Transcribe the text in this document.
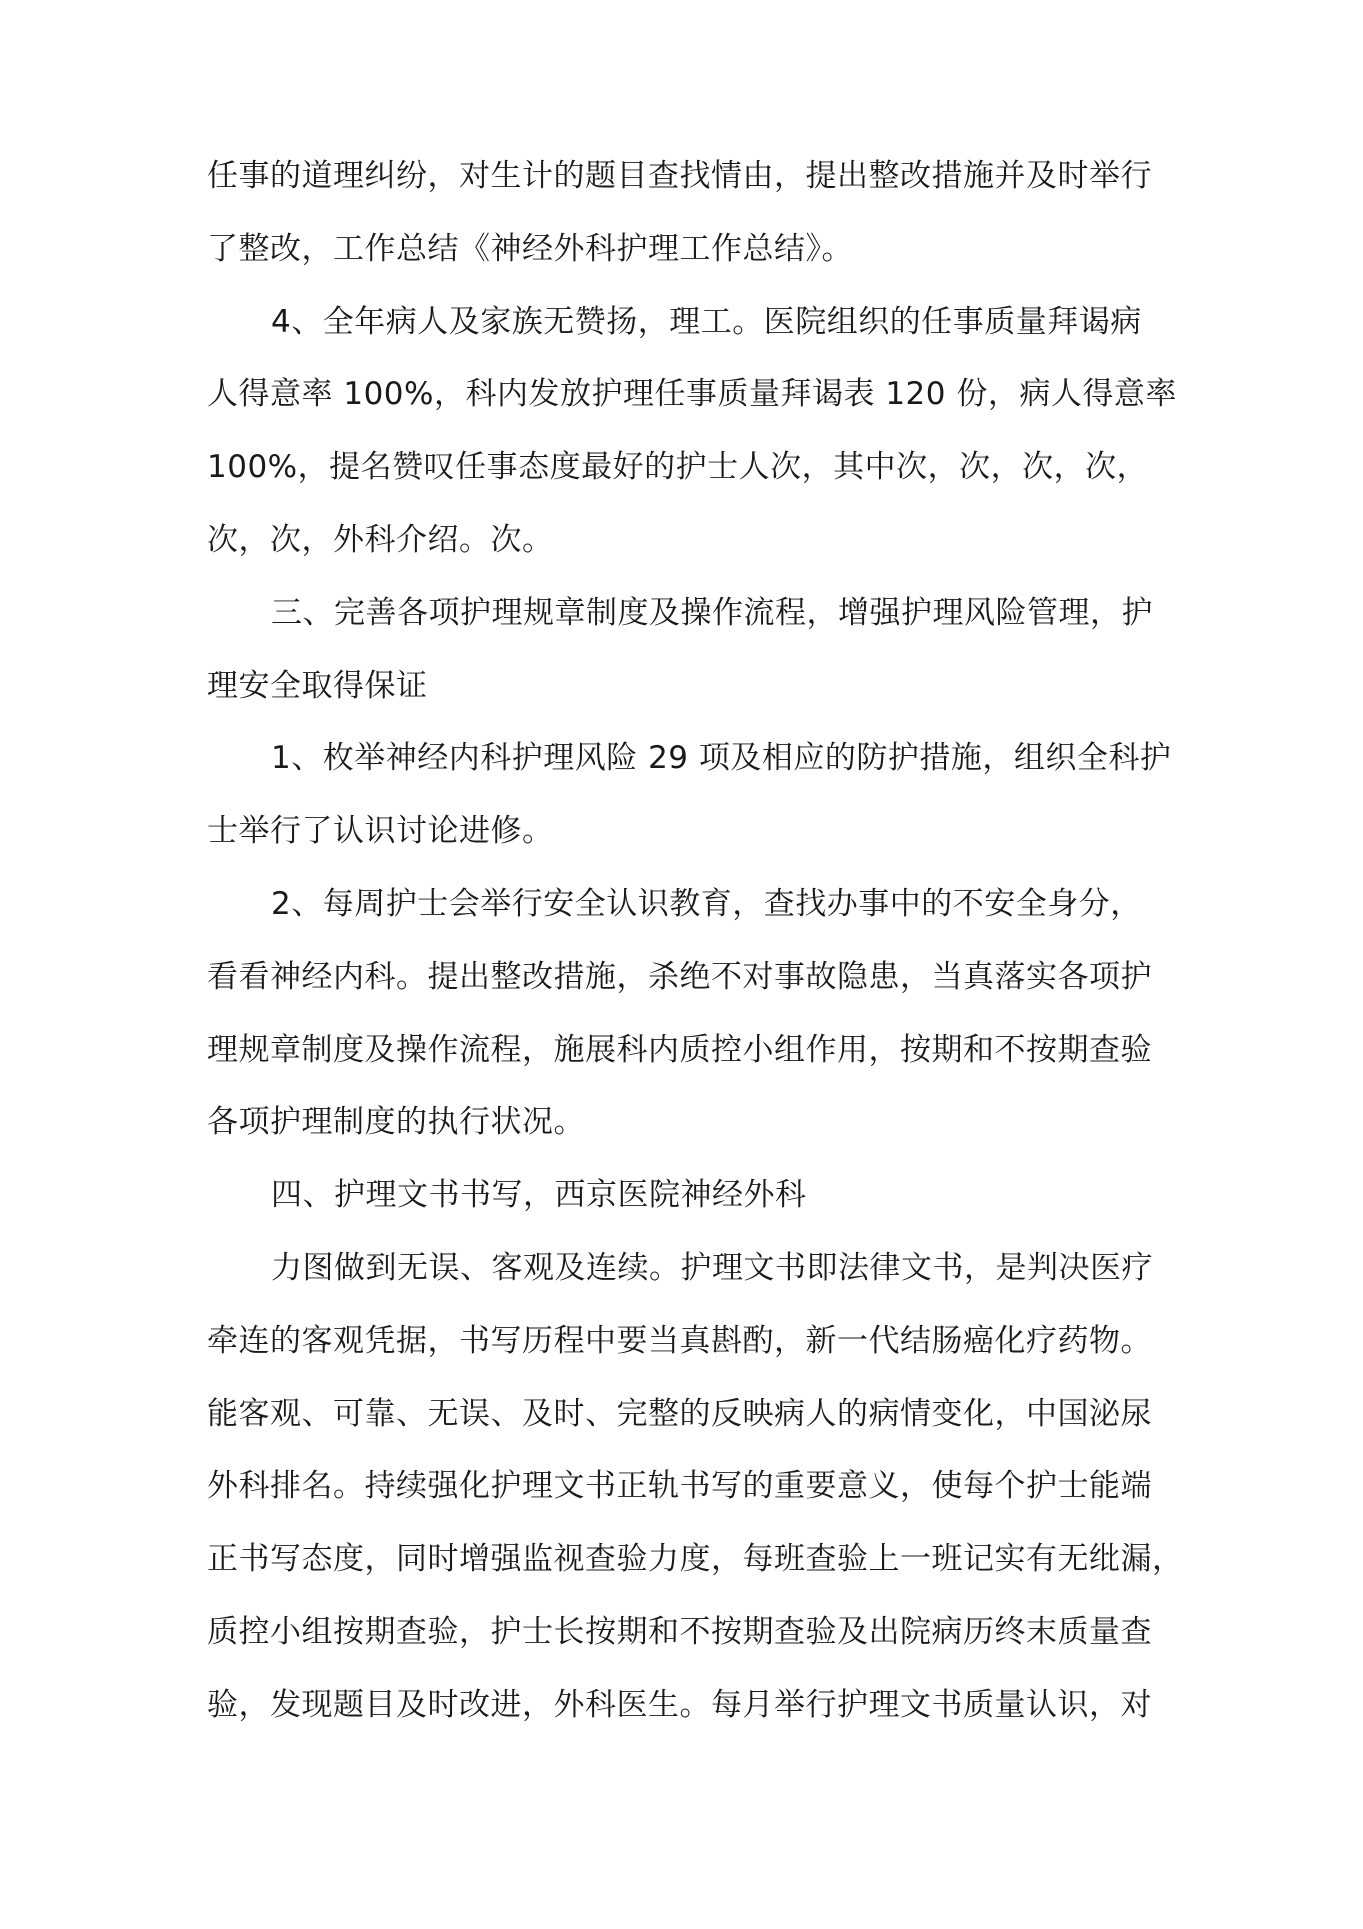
任事的道理纠纷，对生计的题目查找情由，提出整改措施并及时举行
了整改，工作总结《神经外科护理工作总结》。
4、全年病人及家族无赞扬，理工。医院组织的任事质量拜谒病
人得意率 100%，科内发放护理任事质量拜谒表 120 份，病人得意率
100%，提名赞叹任事态度最好的护士人次，其中次，次，次，次，
次，次，外科介绍。次。
三、完善各项护理规章制度及操作流程，增强护理风险管理，护
理安全取得保证
1、枚举神经内科护理风险 29 项及相应的防护措施，组织全科护
士举行了认识讨论进修。
2、每周护士会举行安全认识教育，查找办事中的不安全身分，
看看神经内科。提出整改措施，杀绝不对事故隐患，当真落实各项护
理规章制度及操作流程，施展科内质控小组作用，按期和不按期查验
各项护理制度的执行状况。
四、护理文书书写，西京医院神经外科
力图做到无误、客观及连续。护理文书即法律文书，是判决医疗
牵连的客观凭据，书写历程中要当真斟酌，新一代结肠癌化疗药物。
能客观、可靠、无误、及时、完整的反映病人的病情变化，中国泌尿
外科排名。持续强化护理文书正轨书写的重要意义，使每个护士能端
正书写态度，同时增强监视查验力度，每班查验上一班记实有无纰漏，
质控小组按期查验，护士长按期和不按期查验及出院病历终末质量查
验，发现题目及时改进，外科医生。每月举行护理文书质量认识，对
